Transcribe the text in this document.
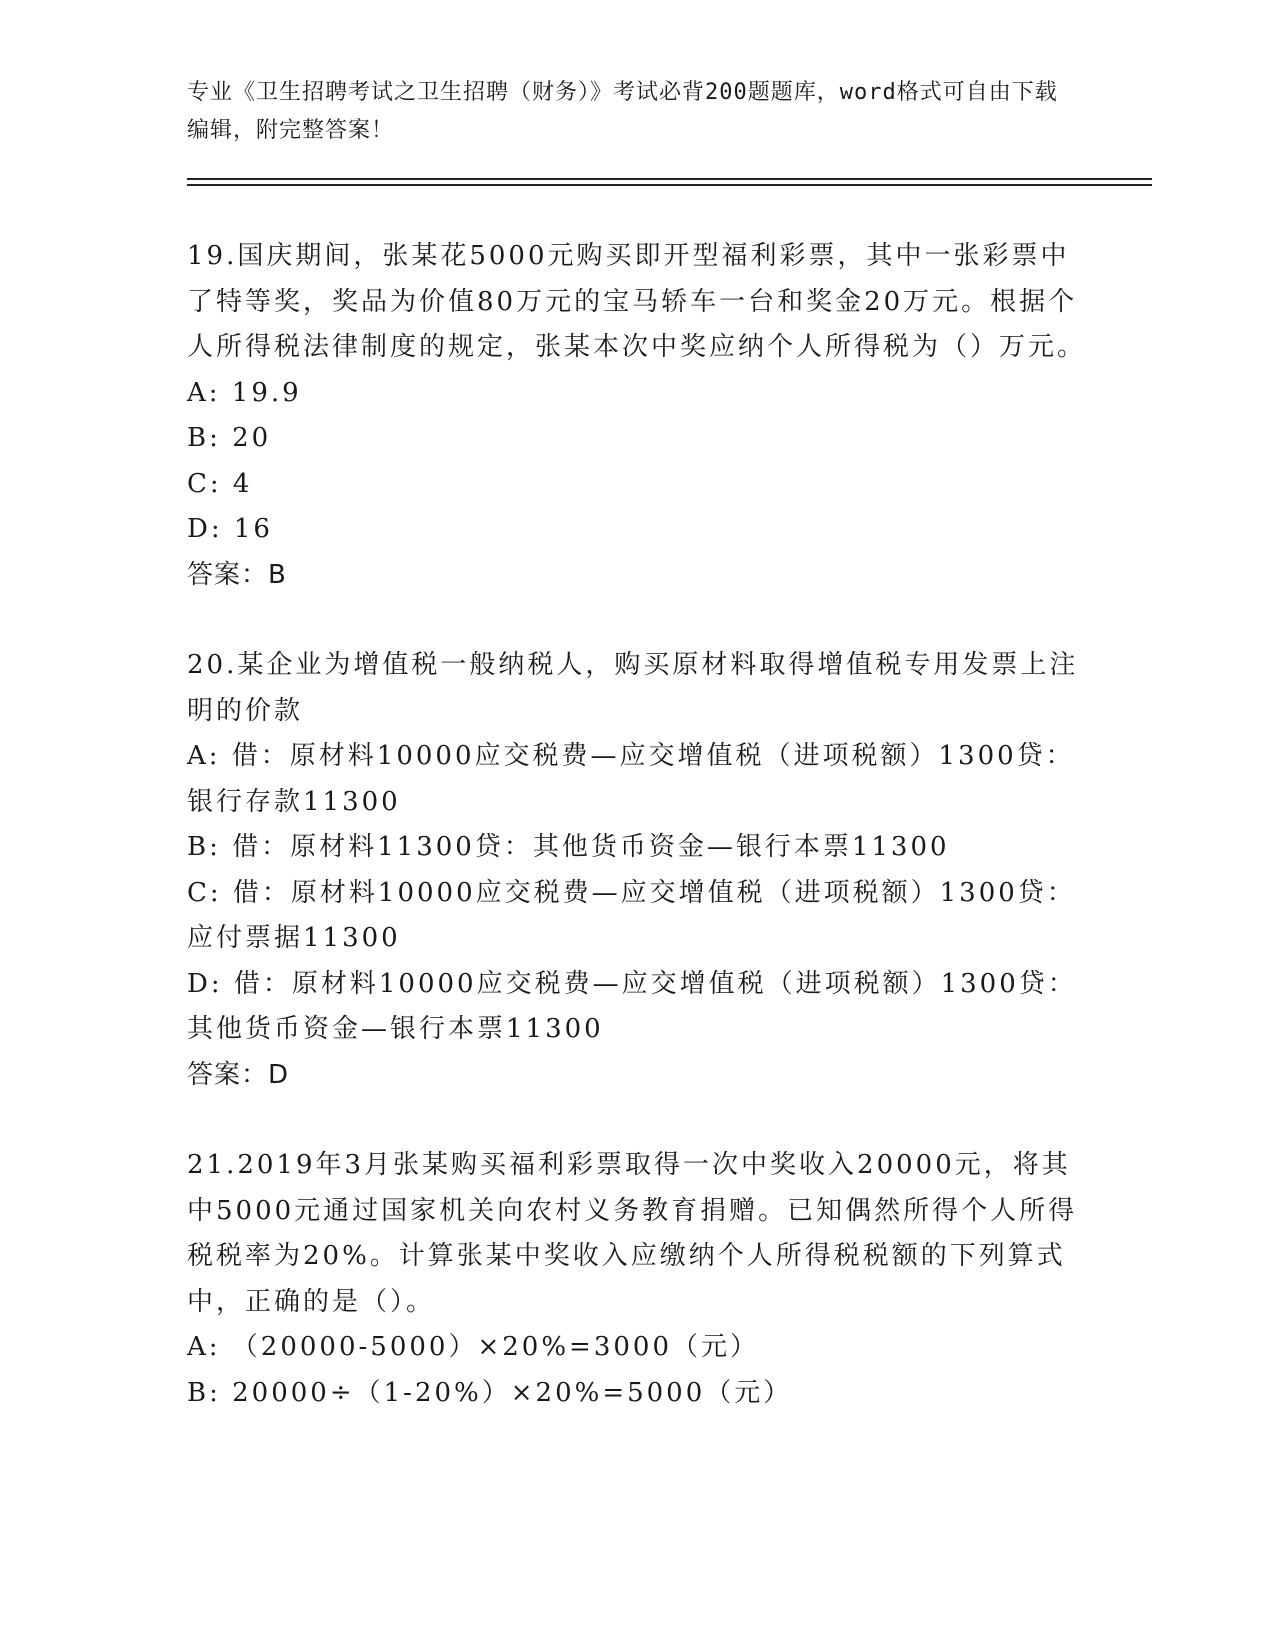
专业《卫生招聘考试之卫生招聘（财务）》考试必背200题题库，word格式可自由下载编辑，附完整答案！

19.国庆期间，张某花5000元购买即开型福利彩票，其中一张彩票中了特等奖，奖品为价值80万元的宝马轿车一台和奖金20万元。根据个人所得税法律制度的规定，张某本次中奖应纳个人所得税为（）万元。

A: 19.9

B: 20

C: 4

D: 16

答案：B

20.某企业为增值税一般纳税人，购买原材料取得增值税专用发票上注明的价款

A: 借：原材料10000应交税费—应交增值税（进项税额）1300贷：银行存款11300

B: 借：原材料11300贷：其他货币资金—银行本票11300

C: 借：原材料10000应交税费—应交增值税（进项税额）1300贷：应付票据11300

D: 借：原材料10000应交税费—应交增值税（进项税额）1300贷：其他货币资金—银行本票11300

答案：D

21.2019年3月张某购买福利彩票取得一次中奖收入20000元，将其中5000元通过国家机关向农村义务教育捐赠。已知偶然所得个人所得税税率为20%。计算张某中奖收入应缴纳个人所得税税额的下列算式中，正确的是（）。

A: （20000-5000）×20%=3000（元）

B: 20000÷（1-20%）×20%=5000（元）
